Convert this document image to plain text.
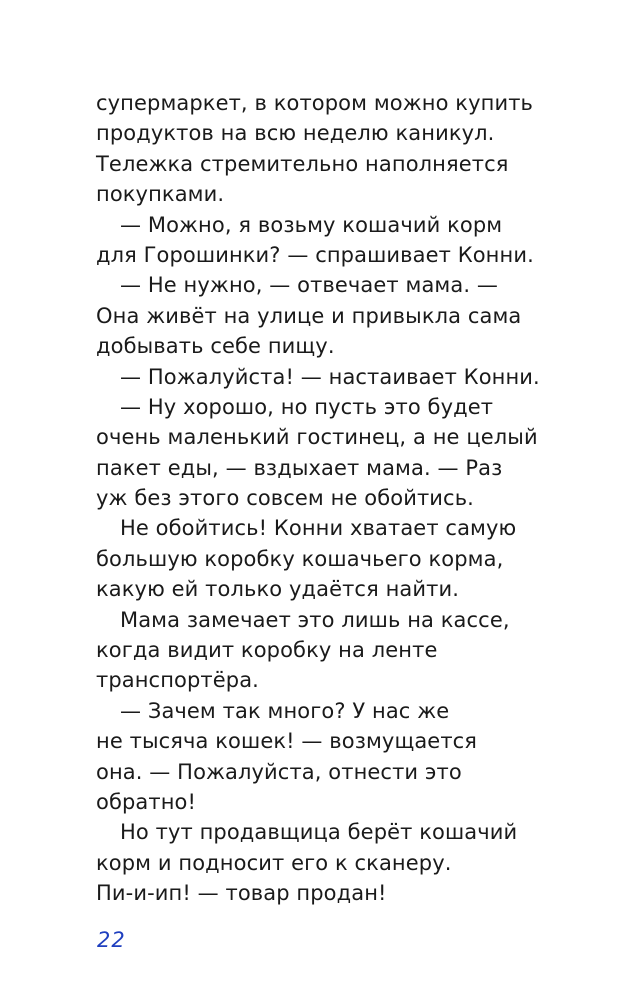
супермаркет, в котором можно купить
продуктов на всю неделю каникул.
Тележка стремительно наполняется
покупками.
— Можно, я возьму кошачий корм
для Горошинки? — спрашивает Конни.
— Не нужно, — отвечает мама. —
Она живёт на улице и привыкла сама
добывать себе пищу.
— Пожалуйста! — настаивает Конни.
— Ну хорошо, но пусть это будет
очень маленький гостинец, а не целый
пакет еды, — вздыхает мама. — Раз
уж без этого совсем не обойтись.
Не обойтись! Конни хватает самую
большую коробку кошачьего корма,
какую ей только удаётся найти.
Мама замечает это лишь на кассе,
когда видит коробку на ленте
транспортёра.
— Зачем так много? У нас же
не тысяча кошек! — возмущается
она. — Пожалуйста, отнести это
обратно!
Но тут продавщица берёт кошачий
корм и подносит его к сканеру.
Пи-и-ип! — товар продан!
22
